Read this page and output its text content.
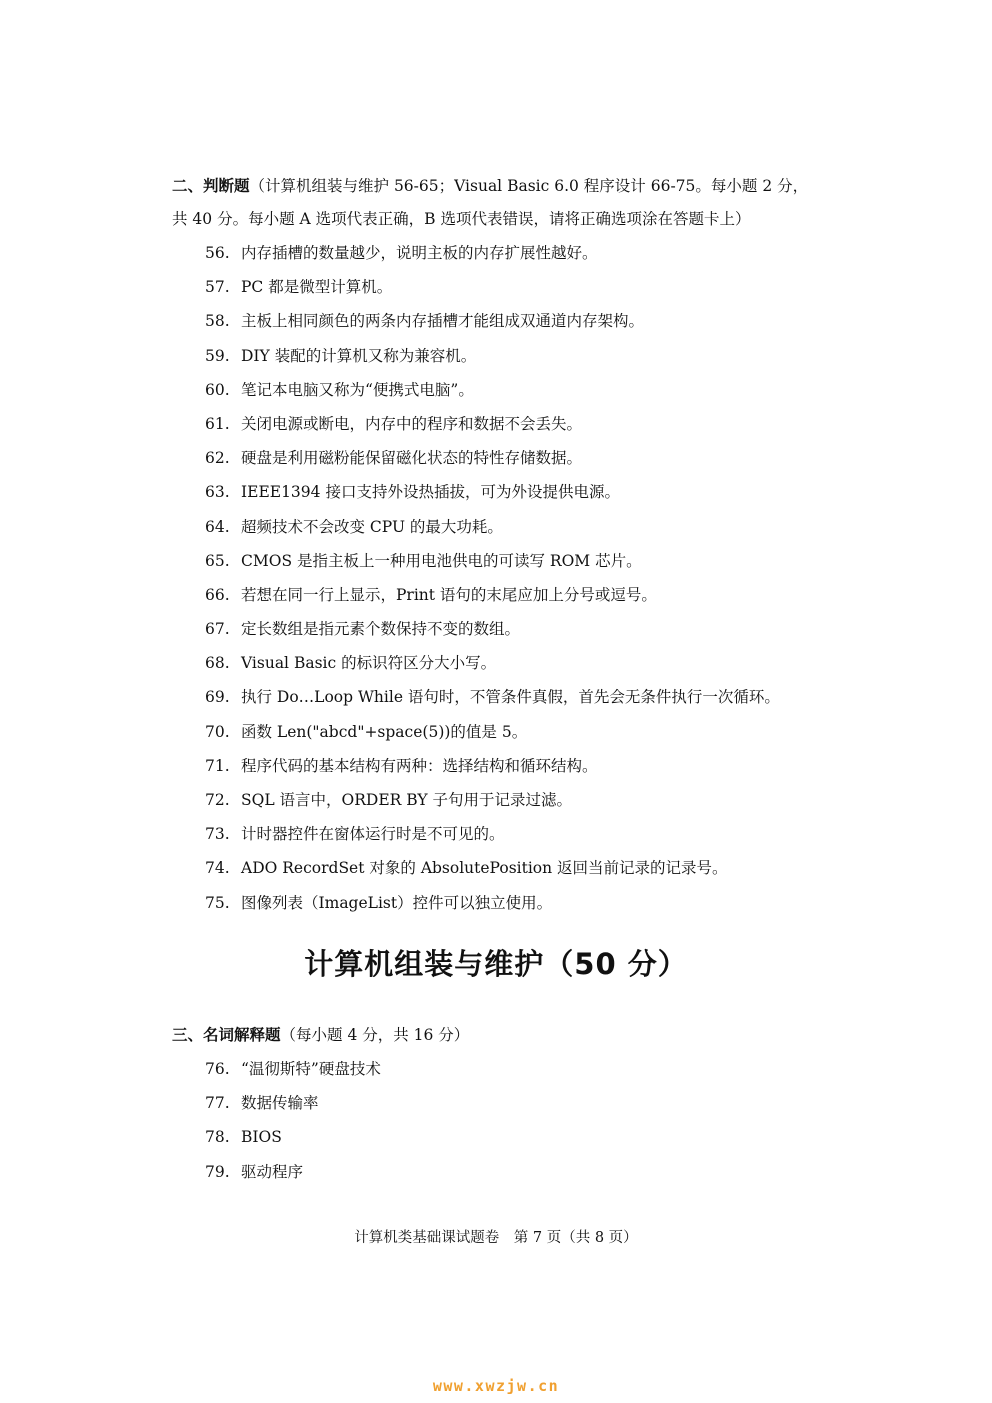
二、判断题（计算机组装与维护 56-65；Visual Basic 6.0 程序设计 66-75。每小题 2 分，
共 40 分。每小题 A 选项代表正确，B 选项代表错误，请将正确选项涂在答题卡上）
56. 内存插槽的数量越少，说明主板的内存扩展性越好。
57. PC 都是微型计算机。
58. 主板上相同颜色的两条内存插槽才能组成双通道内存架构。
59. DIY 装配的计算机又称为兼容机。
60. 笔记本电脑又称为“便携式电脑”。
61. 关闭电源或断电，内存中的程序和数据不会丢失。
62. 硬盘是利用磁粉能保留磁化状态的特性存储数据。
63. IEEE1394 接口支持外设热插拔，可为外设提供电源。
64. 超频技术不会改变 CPU 的最大功耗。
65. CMOS 是指主板上一种用电池供电的可读写 ROM 芯片。
66. 若想在同一行上显示，Print 语句的末尾应加上分号或逗号。
67. 定长数组是指元素个数保持不变的数组。
68. Visual Basic 的标识符区分大小写。
69. 执行 Do…Loop While 语句时，不管条件真假，首先会无条件执行一次循环。
70. 函数 Len("abcd"+space(5))的值是 5。
71. 程序代码的基本结构有两种：选择结构和循环结构。
72. SQL 语言中，ORDER BY 子句用于记录过滤。
73. 计时器控件在窗体运行时是不可见的。
74. ADO RecordSet 对象的 AbsolutePosition 返回当前记录的记录号。
75. 图像列表（ImageList）控件可以独立使用。
计算机组装与维护（50 分）
三、名词解释题（每小题 4 分，共 16 分）
76. “温彻斯特”硬盘技术
77. 数据传输率
78. BIOS
79. 驱动程序
计算机类基础课试题卷　第 7 页（共 8 页）
www.xwzjw.cn
